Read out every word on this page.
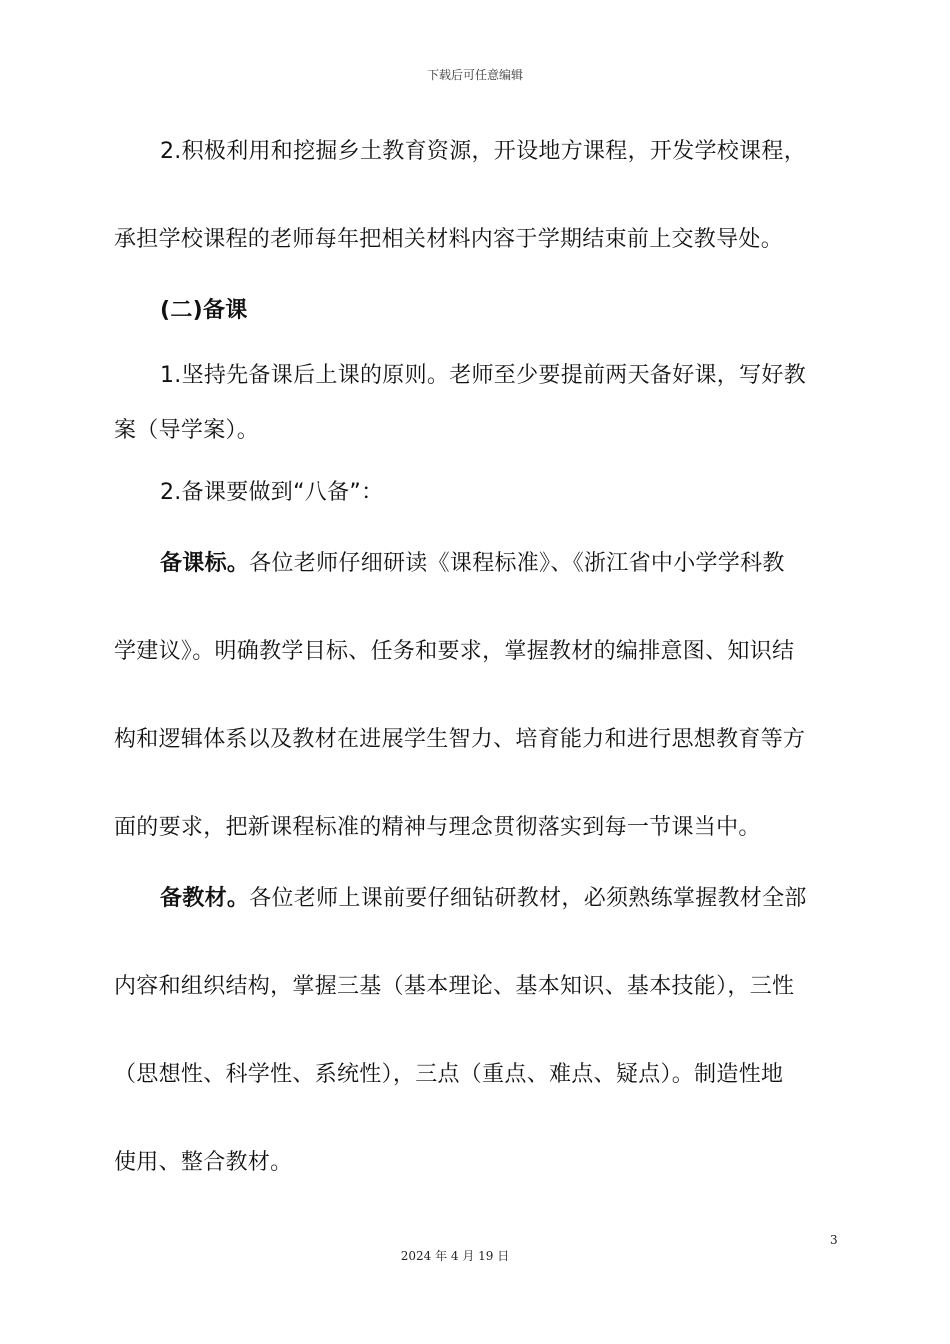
下载后可任意编辑
2.积极利用和挖掘乡土教育资源，开设地方课程，开发学校课程，
承担学校课程的老师每年把相关材料内容于学期结束前上交教导处。
(二)备课
1.坚持先备课后上课的原则。老师至少要提前两天备好课，写好教
案（导学案）。
2.备课要做到“八备”：
备课标。各位老师仔细研读《课程标准》、《浙江省中小学学科教
学建议》。明确教学目标、任务和要求，掌握教材的编排意图、知识结
构和逻辑体系以及教材在进展学生智力、培育能力和进行思想教育等方
面的要求，把新课程标准的精神与理念贯彻落实到每一节课当中。
备教材。各位老师上课前要仔细钻研教材，必须熟练掌握教材全部
内容和组织结构，掌握三基（基本理论、基本知识、基本技能），三性
（思想性、科学性、系统性），三点（重点、难点、疑点）。制造性地
使用、整合教材。
3
2024 年 4 月 19 日
